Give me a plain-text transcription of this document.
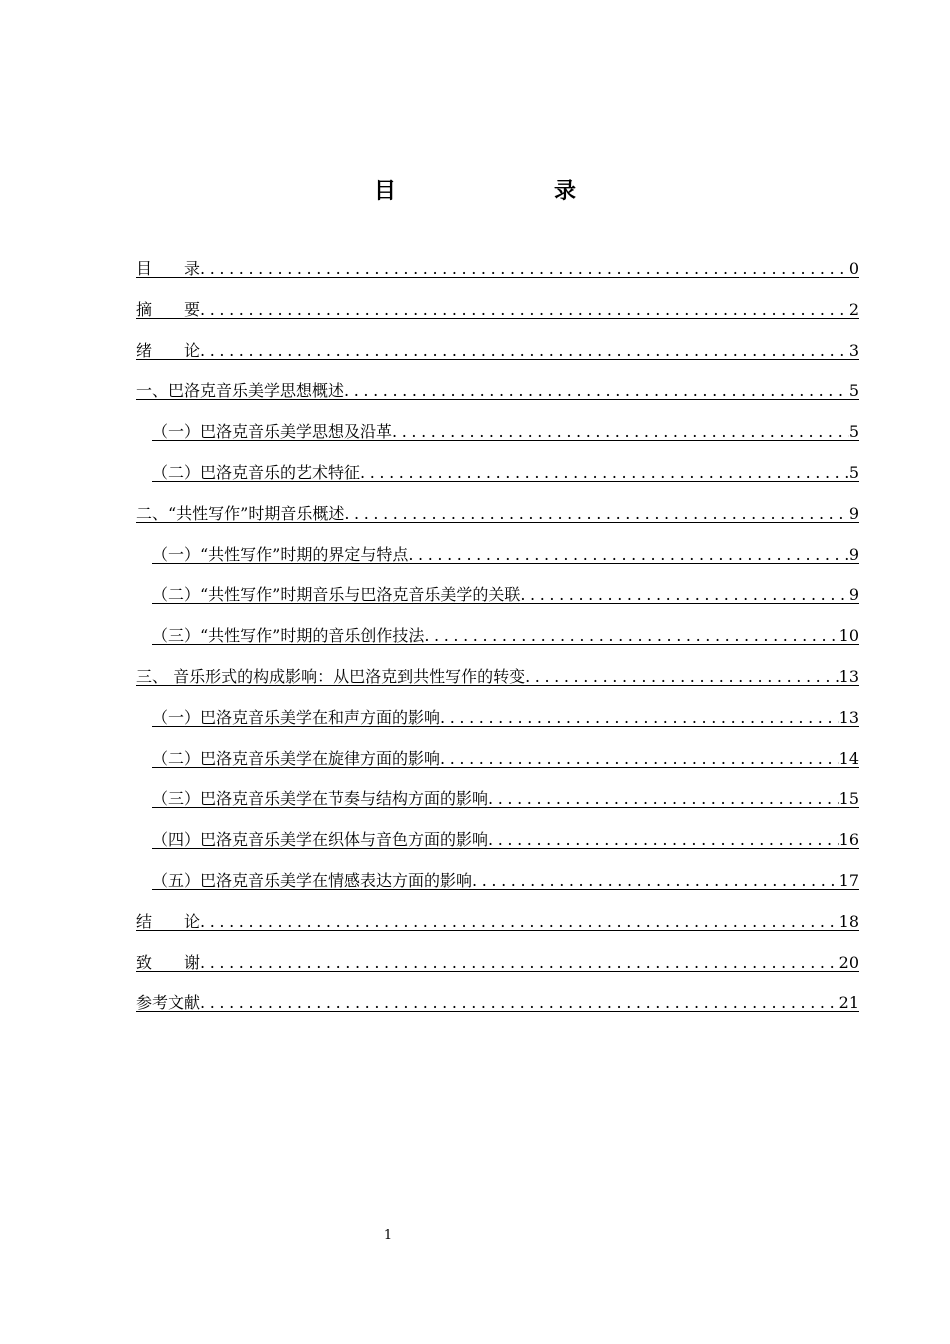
目　　录
目　　录 .....	0
摘　　要 .....	2
绪　　论 .....	3
一、巴洛克音乐美学思想概述 .....	5
（一）巴洛克音乐美学思想及沿革 .....	5
（二）巴洛克音乐的艺术特征 .....	5
二、“共性写作”时期音乐概述 .....	9
（一）“共性写作”时期的界定与特点 .....	9
（二）“共性写作”时期音乐与巴洛克音乐美学的关联 .....	9
（三）“共性写作”时期的音乐创作技法 .....	10
三、 音乐形式的构成影响：从巴洛克到共性写作的转变 .....	13
（一）巴洛克音乐美学在和声方面的影响 .....	13
（二）巴洛克音乐美学在旋律方面的影响 .....	14
（三）巴洛克音乐美学在节奏与结构方面的影响 .....	15
（四）巴洛克音乐美学在织体与音色方面的影响 .....	16
（五）巴洛克音乐美学在情感表达方面的影响 .....	17
结　　论 .....	18
致　　谢 .....	20
参考文献 .....	21
1
